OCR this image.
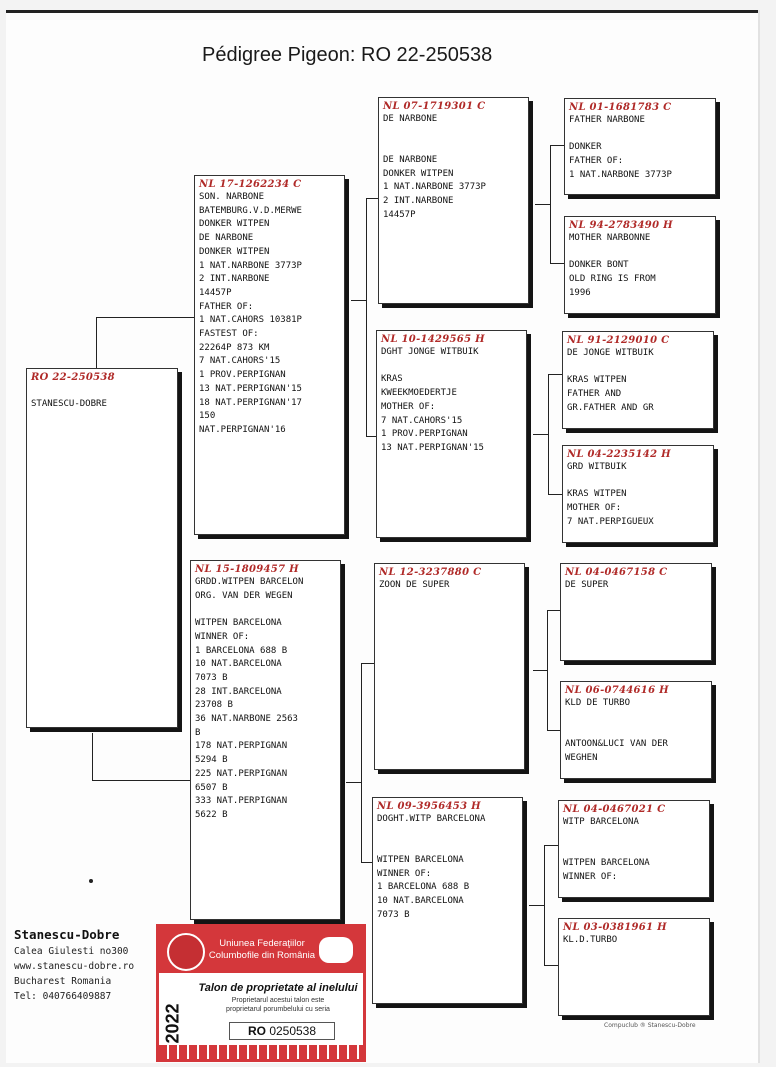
Pédigree Pigeon: RO 22-250538
RO 22-250538
STANESCU-DOBRE
NL 17-1262234 C
SON. NARBONE
BATEMBURG.V.D.MERWE
DONKER WITPEN
DE NARBONE
DONKER WITPEN
1 NAT.NARBONE 3773P
2 INT.NARBONE
14457P
FATHER OF:
1 NAT.CAHORS 10381P
FASTEST OF:
22264P 873 KM
7 NAT.CAHORS'15
1 PROV.PERPIGNAN
13 NAT.PERPIGNAN'15
18 NAT.PERPIGNAN'17
150
NAT.PERPIGNAN'16
NL 15-1809457 H
GRDD.WITPEN BARCELON
ORG. VAN DER WEGEN
WITPEN BARCELONA
WINNER OF:
1 BARCELONA 688 B
10 NAT.BARCELONA
7073 B
28 INT.BARCELONA
23708 B
36 NAT.NARBONE 2563
B
178 NAT.PERPIGNAN
5294 B
225 NAT.PERPIGNAN
6507 B
333 NAT.PERPIGNAN
5622 B
NL 07-1719301 C
DE NARBONE
DE NARBONE
DONKER WITPEN
1 NAT.NARBONE 3773P
2 INT.NARBONE
14457P
NL 10-1429565 H
DGHT JONGE WITBUIK
KRAS
KWEEKMOEDERTJE
MOTHER OF:
7 NAT.CAHORS'15
1 PROV.PERPIGNAN
13 NAT.PERPIGNAN'15
NL 12-3237880 C
ZOON DE SUPER
NL 09-3956453 H
DOGHT.WITP BARCELONA
WITPEN BARCELONA
WINNER OF:
1 BARCELONA 688 B
10 NAT.BARCELONA
7073 B
NL 01-1681783 C
FATHER NARBONE
DONKER
FATHER OF:
1 NAT.NARBONE 3773P
NL 94-2783490 H
MOTHER NARBONNE
DONKER BONT
OLD RING IS FROM
1996
NL 91-2129010 C
DE JONGE WITBUIK
KRAS WITPEN
FATHER AND
GR.FATHER AND GR
NL 04-2235142 H
GRD WITBUIK
KRAS WITPEN
MOTHER OF:
7 NAT.PERPIGUEUX
NL 04-0467158 C
DE SUPER
NL 06-0744616 H
KLD DE TURBO
ANTOON&LUCI VAN DER
WEGHEN
NL 04-0467021 C
WITP BARCELONA
WITPEN BARCELONA
WINNER OF:
NL 03-0381961 H
KL.D.TURBO
Stanescu-Dobre
Calea Giulesti no300
www.stanescu-dobre.ro
Bucharest Romania
Tel: 040766409887
Uniunea Federaţiilor
Columbofile din România
2022
Talon de proprietate al inelului
Proprietarul acestui talon este
proprietarul porumbelului cu seria
RO 0250538	Compuclub ® Stanescu-Dobre
